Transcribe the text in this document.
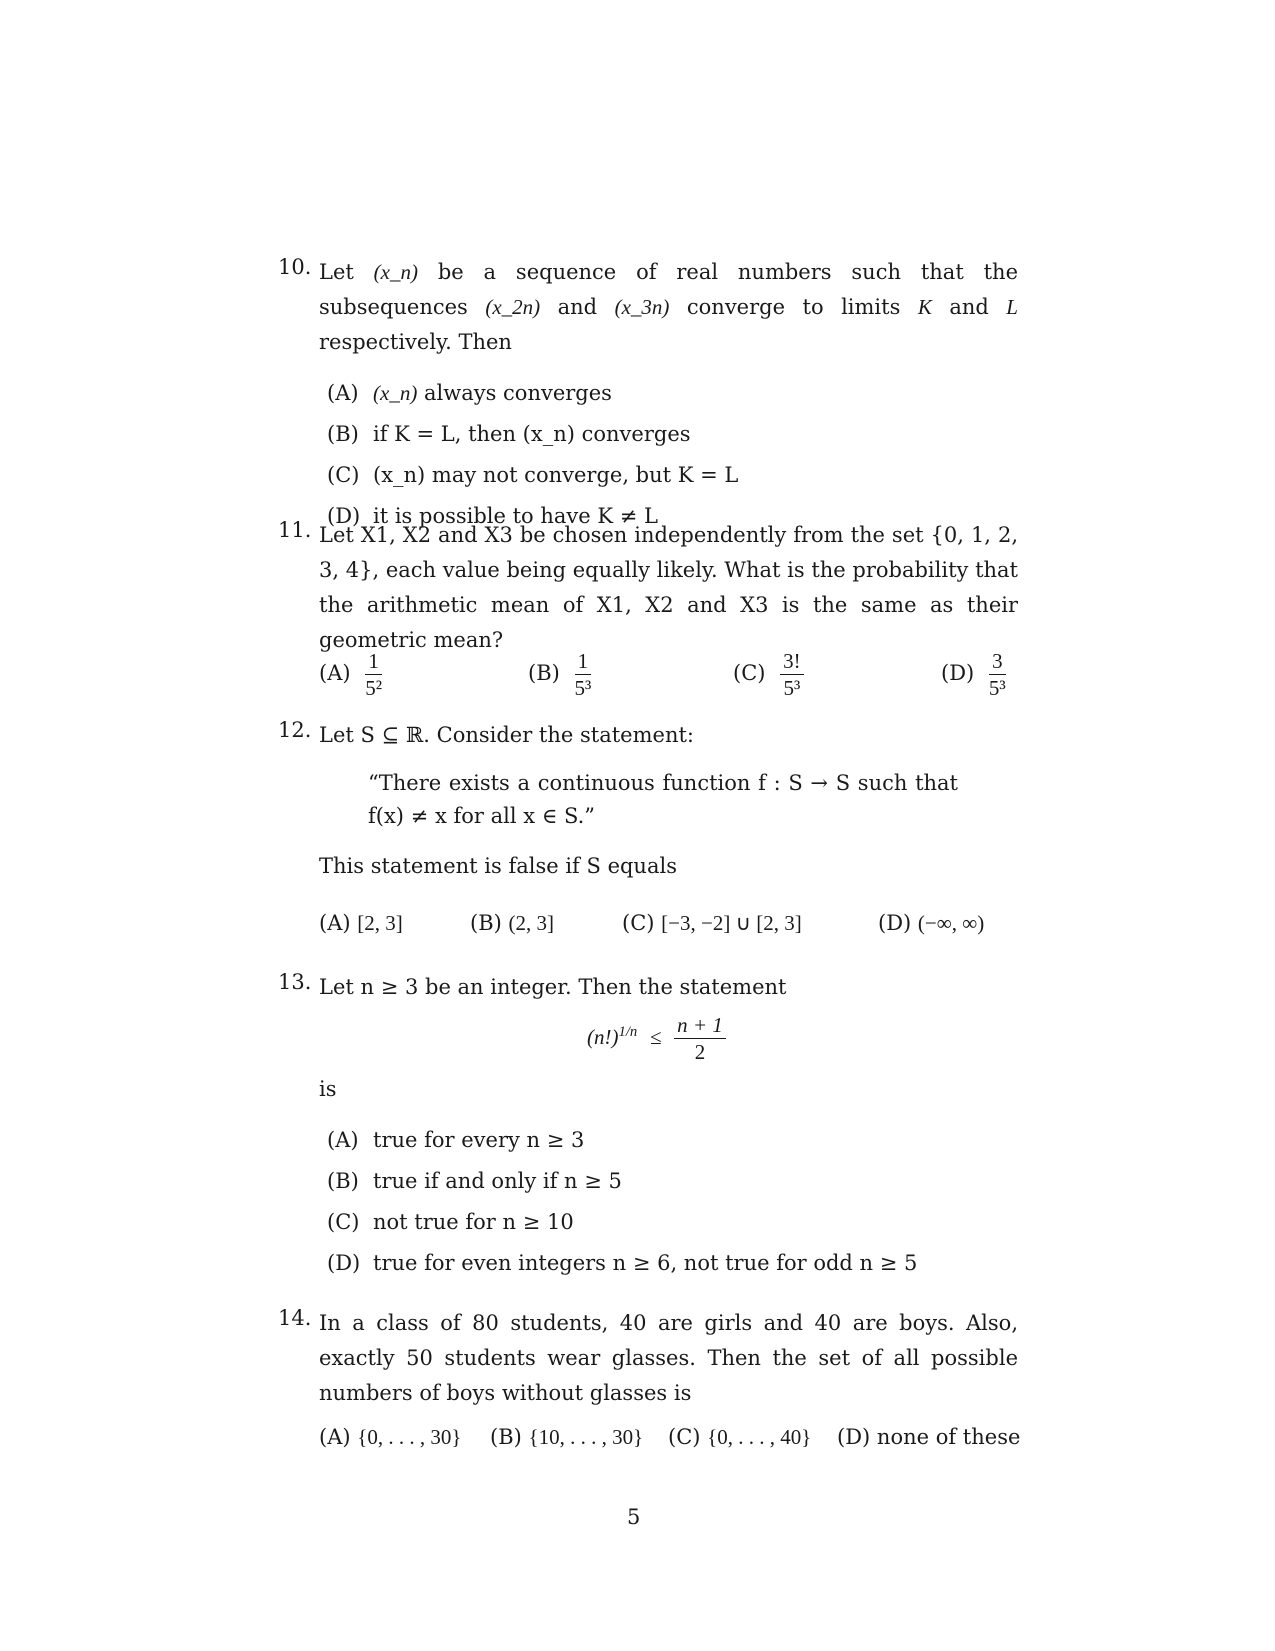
10. Let (x_n) be a sequence of real numbers such that the subsequences (x_2n) and (x_3n) converge to limits K and L respectively. Then
(A) (x_n) always converges
(B) if K = L, then (x_n) converges
(C) (x_n) may not converge, but K = L
(D) it is possible to have K ≠ L
11. Let X1, X2 and X3 be chosen independently from the set {0, 1, 2, 3, 4}, each value being equally likely. What is the probability that the arithmetic mean of X1, X2 and X3 is the same as their geometric mean?
$(A) \frac{1}{\text{5²}}$	$(B) \frac{1}{\text{5³}}$	$(C) \frac{3!}{\text{5³}}$	$(D) \frac{3}{\text{5³}}$
12. Let S ⊆ ℝ. Consider the statement:
“There exists a continuous function f : S → S such that f(x) ≠ x for all x ∈ S.”
This statement is false if S equals
(A) [2, 3]	(B) (2, 3]	(C) [−3, −2] ∪ [2, 3]	(D) (−∞, ∞)
13. Let n ≥ 3 be an integer. Then the statement
$(n!)^{1/n} \le \frac{n + 1}{2}$
is
(A) true for every n ≥ 3
(B) true if and only if n ≥ 5
(C) not true for n ≥ 10
(D) true for even integers n ≥ 6, not true for odd n ≥ 5
14. In a class of 80 students, 40 are girls and 40 are boys. Also, exactly 50 students wear glasses. Then the set of all possible numbers of boys without glasses is
(A) {0, . . . , 30} (B) {10, . . . , 30} (C) {0, . . . , 40} (D) none of these
5
